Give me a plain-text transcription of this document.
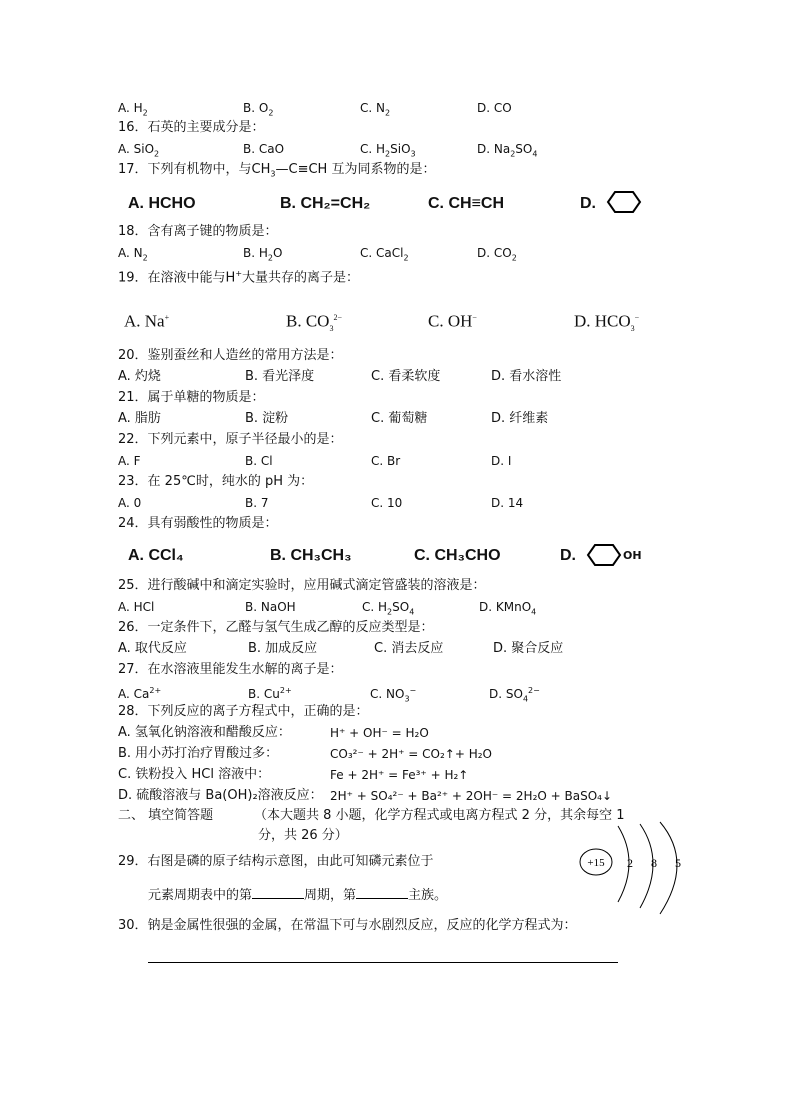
A. $H_2$	B. $O_2$	C. $N_2$	D. CO
16．石英的主要成分是：
A. SiO$_2$	B. CaO	C. $H_2SiO_3$	D. $Na_2SO_4$
17．下列有机物中，与$CH_3—C\equiv CH$ 互为同系物的是：
A. HCHO	B. CH₂=CH₂	C. CH≡CH	D.
18．含有离子键的物质是：
A. $N_2$	B. $H_2O$	C. CaCl$_2$	D. $CO_2$
19．在溶液中能与H+大量共存的离子是：
A. Na+	B. $CO_3^{2-}$	C. OH−	D. $HCO_3^-$
20．鉴别蚕丝和人造丝的常用方法是：
A. 灼烧	B. 看光泽度	C. 看柔软度	D. 看水溶性
21．属于单糖的物质是：
A. 脂肪	B. 淀粉	C. 葡萄糖	D. 纤维素
22．下列元素中，原子半径最小的是：
A. F	B. Cl	C. Br	D. I
23．在 25℃时，纯水的 pH 为：
A. 0	B. 7	C. 10	D. 14
24．具有弱酸性的物质是：
A. CCl₄	B. CH₃CH₃	C. CH₃CHO	D.	OH
25．进行酸碱中和滴定实验时，应用碱式滴定管盛装的溶液是：
A. HCl	B. NaOH	C. $H_2SO_4$	D. KMnO$_4$
26．一定条件下，乙醛与氢气生成乙醇的反应类型是：
A. 取代反应	B. 加成反应	C. 消去反应	D. 聚合反应
27．在水溶液里能发生水解的离子是：
A. $Ca^{2+}$	B. $Cu^{2+}$	C. $NO_3^-$	D. $SO_4^{2-}$
28．下列反应的离子方程式中，正确的是：
A. 氢氧化钠溶液和醋酸反应：	H⁺ + OH⁻ = H₂O
B. 用小苏打治疗胃酸过多：	CO₃²⁻ + 2H⁺ = CO₂↑+ H₂O
C. 铁粉投入 HCl 溶液中：	Fe + 2H⁺ = Fe³⁺ + H₂↑
D. 硫酸溶液与 Ba(OH)₂溶液反应： 2H⁺ + SO₄²⁻ + Ba²⁺ + 2OH⁻ = 2H₂O + BaSO₄↓
二、 填空简答题	（本大题共 8 小题，化学方程式或电离方程式 2 分，其余每空 1
分，共 26 分）
29．右图是磷的原子结构示意图，由此可知磷元素位于
元素周期表中的第	周期，第	主族。
+15 2 8 5
30．钠是金属性很强的金属，在常温下可与水剧烈反应，反应的化学方程式为：
